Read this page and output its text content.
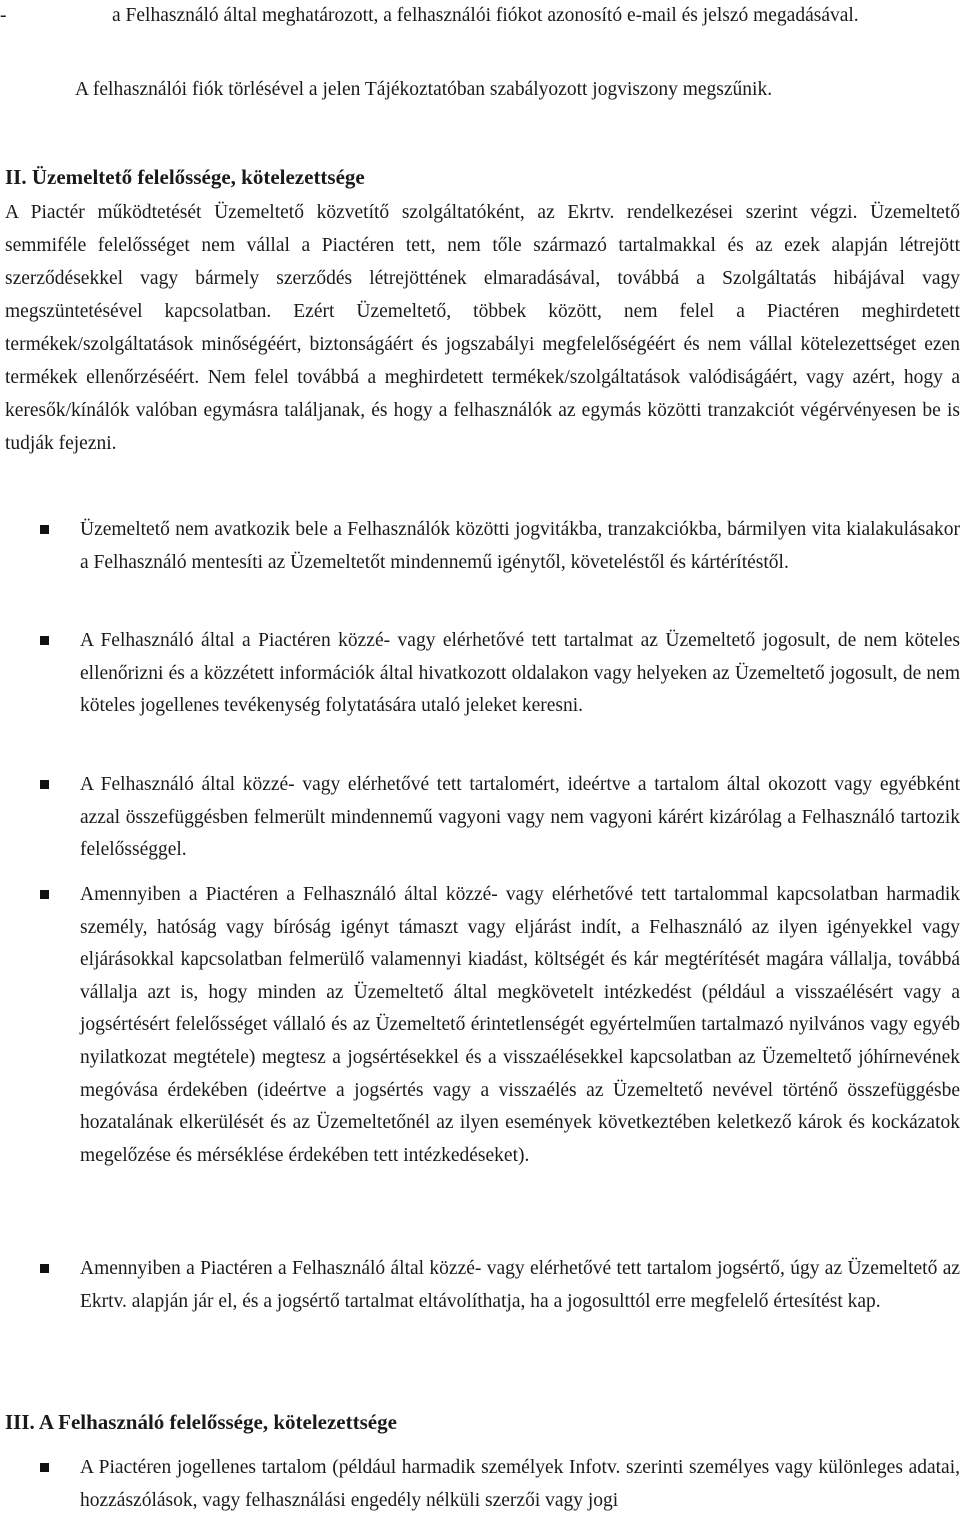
-	a Felhasználó által meghatározott, a felhasználói fiókot azonosító e-mail és jelszó megadásával.

A felhasználói fiók törlésével a jelen Tájékoztatóban szabályozott jogviszony megszűnik.

II. Üzemeltető felelőssége, kötelezettsége

A Piactér működtetését Üzemeltető közvetítő szolgáltatóként, az Ekrtv. rendelkezései szerint végzi. Üzemeltető semmiféle felelősséget nem vállal a Piactéren tett, nem tőle származó tartalmakkal és az ezek alapján létrejött szerződésekkel vagy bármely szerződés létrejöttének elmaradásával, továbbá a Szolgáltatás hibájával vagy megszüntetésével kapcsolatban. Ezért Üzemeltető, többek között, nem felel a Piactéren meghirdetett termékek/szolgáltatások minőségéért, biztonságáért és jogszabályi megfelelőségéért és nem vállal kötelezettséget ezen termékek ellenőrzéséért. Nem felel továbbá a meghirdetett termékek/szolgáltatások valódiságáért, vagy azért, hogy a keresők/kínálók valóban egymásra találjanak, és hogy a felhasználók az egymás közötti tranzakciót végérvényesen be is tudják fejezni.

Üzemeltető nem avatkozik bele a Felhasználók közötti jogvitákba, tranzakciókba, bármilyen vita kialakulásakor a Felhasználó mentesíti az Üzemeltetőt mindennemű igénytől, követeléstől és kártérítéstől.
A Felhasználó által a Piactéren közzé- vagy elérhetővé tett tartalmat az Üzemeltető jogosult, de nem köteles ellenőrizni és a közzétett információk által hivatkozott oldalakon vagy helyeken az Üzemeltető jogosult, de nem köteles jogellenes tevékenység folytatására utaló jeleket keresni.
A Felhasználó által közzé- vagy elérhetővé tett tartalomért, ideértve a tartalom által okozott vagy egyébként azzal összefüggésben felmerült mindennemű vagyoni vagy nem vagyoni kárért kizárólag a Felhasználó tartozik felelősséggel.
Amennyiben a Piactéren a Felhasználó által közzé- vagy elérhetővé tett tartalommal kapcsolatban harmadik személy, hatóság vagy bíróság igényt támaszt vagy eljárást indít, a Felhasználó az ilyen igényekkel vagy eljárásokkal kapcsolatban felmerülő valamennyi kiadást, költségét és kár megtérítését magára vállalja, továbbá vállalja azt is, hogy minden az Üzemeltető által megkövetelt intézkedést (például a visszaélésért vagy a jogsértésért felelősséget vállaló és az Üzemeltető érintetlenségét egyértelműen tartalmazó nyilvános vagy egyéb nyilatkozat megtétele) megtesz a jogsértésekkel és a visszaélésekkel kapcsolatban az Üzemeltető jóhírnevének megóvása érdekében (ideértve a jogsértés vagy a visszaélés az Üzemeltető nevével történő összefüggésbe hozatalának elkerülését és az Üzemeltetőnél az ilyen események következtében keletkező károk és kockázatok megelőzése és mérséklése érdekében tett intézkedéseket).
Amennyiben a Piactéren a Felhasználó által közzé- vagy elérhetővé tett tartalom jogsértő, úgy az Üzemeltető az Ekrtv. alapján jár el, és a jogsértő tartalmat eltávolíthatja, ha a jogosulttól erre megfelelő értesítést kap.
III. A Felhasználó felelőssége, kötelezettsége
A Piactéren jogellenes tartalom (például harmadik személyek Infotv. szerinti személyes vagy különleges adatai, hozzászólások, vagy felhasználási engedély nélküli szerzői vagy jogi
